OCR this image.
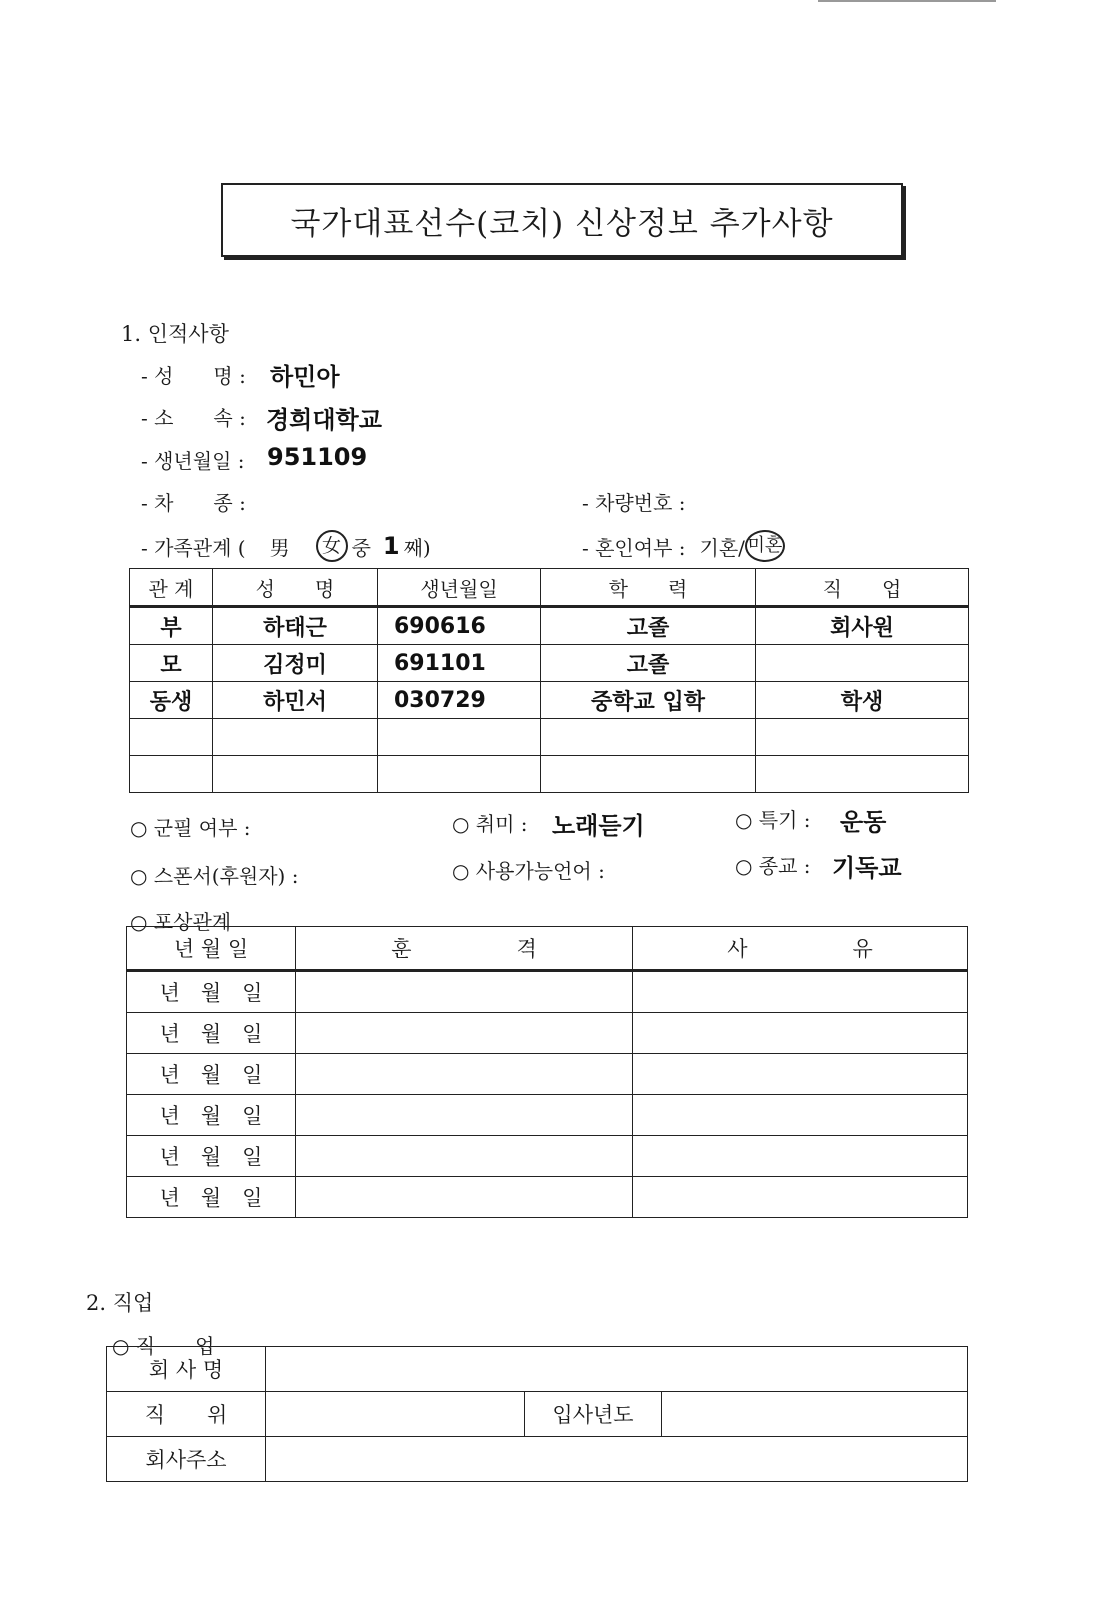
국가대표선수(코치) 신상정보 추가사항
1. 인적사항
- 성　　명 : 하민아
- 소　　속 : 경희대학교
- 생년월일 : 951109
- 차　　종 :	- 차량번호 :
- 가족관계 ( 男	女 중 1 째)	- 혼인여부 : 기혼/ 미혼
관 계	성　　명	생년월일	학　　력	직　　업
부	하태근	690616	고졸	회사원
모	김정미	691101	고졸	
동생	하민서	030729	중학교 입학	학생

○ 군필 여부 :	○ 취미 : 노래듣기	○ 특기 : 운동
○ 스폰서(후원자) :	○ 사용가능언어 :	○ 종교 : 기독교
○ 포상관계
년 월 일	훈　　　　　격	사　　　　　유
년　월　일		
년　월　일		
년　월　일		
년　월　일		
년　월　일		
년　월　일		
2. 직업
○ 직　　업
회 사 명			
직　　위		입사년도	
회사주소			
